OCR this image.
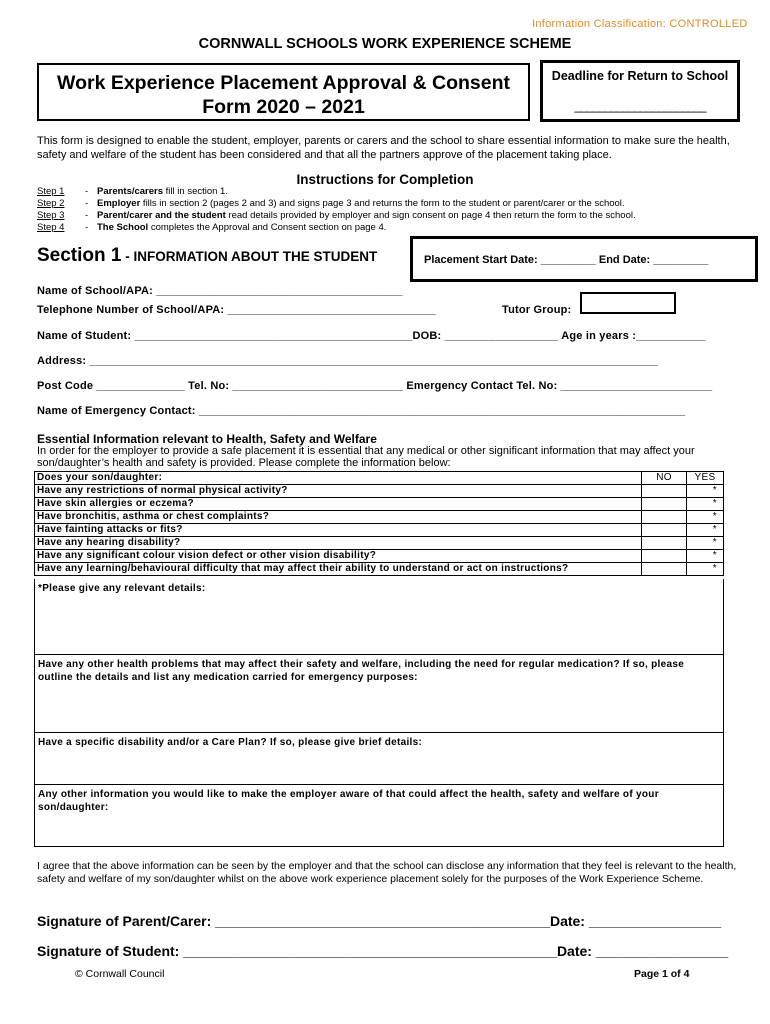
Information Classification: CONTROLLED
CORNWALL SCHOOLS WORK EXPERIENCE SCHEME
Work Experience Placement Approval & Consent
Form 2020 – 2021
Deadline for Return to School
______________________
This form is designed to enable the student, employer, parents or carers and the school to share essential information to make sure the health, safety and welfare of the student has been considered and that all the partners approve of the placement taking place.
Instructions for Completion
Step 1	- Parents/carers fill in section 1.
Step 2	- Employer fills in section 2 (pages 2 and 3) and signs page 3 and returns the form to the student or parent/carer or the school.
Step 3	- Parent/carer and the student read details provided by employer and sign consent on page 4 then return the form to the school.
Step 4	- The School completes the Approval and Consent section on page 4.
Section 1 - INFORMATION ABOUT THE STUDENT	Placement Start Date: _________ End Date: _________
Name of School/APA: _______________________________________
Telephone Number of School/APA: _________________________________	Tutor Group:
Name of Student: ____________________________________________DOB: __________________ Age in years :___________
Address: __________________________________________________________________________________________
Post Code ______________ Tel. No: ___________________________ Emergency Contact Tel. No: ________________________
Name of Emergency Contact: _____________________________________________________________________________
Essential Information relevant to Health, Safety and Welfare
In order for the employer to provide a safe placement it is essential that any medical or other significant information that may affect your son/daughter’s health and safety is provided. Please complete the information below:
Does your son/daughter:	NO	YES
Have any restrictions of normal physical activity?		*
Have skin allergies or eczema?		*
Have bronchitis, asthma or chest complaints?		*
Have fainting attacks or fits?		*
Have any hearing disability?		*
Have any significant colour vision defect or other vision disability?		*
Have any learning/behavioural difficulty that may affect their ability to understand or act on instructions?		*
*Please give any relevant details:
Have any other health problems that may affect their safety and welfare, including the need for regular medication? If so, please outline the details and list any medication carried for emergency purposes:
Have a specific disability and/or a Care Plan? If so, please give brief details:
Any other information you would like to make the employer aware of that could affect the health, safety and welfare of your son/daughter:
I agree that the above information can be seen by the employer and that the school can disclose any information that they feel is relevant to the health, safety and welfare of my son/daughter whilst on the above work experience placement solely for the purposes of the Work Experience Scheme.
Signature of Parent/Carer: ___________________________________________Date: _________________
Signature of Student: ________________________________________________Date: _________________
© Cornwall Council	Page 1 of 4
